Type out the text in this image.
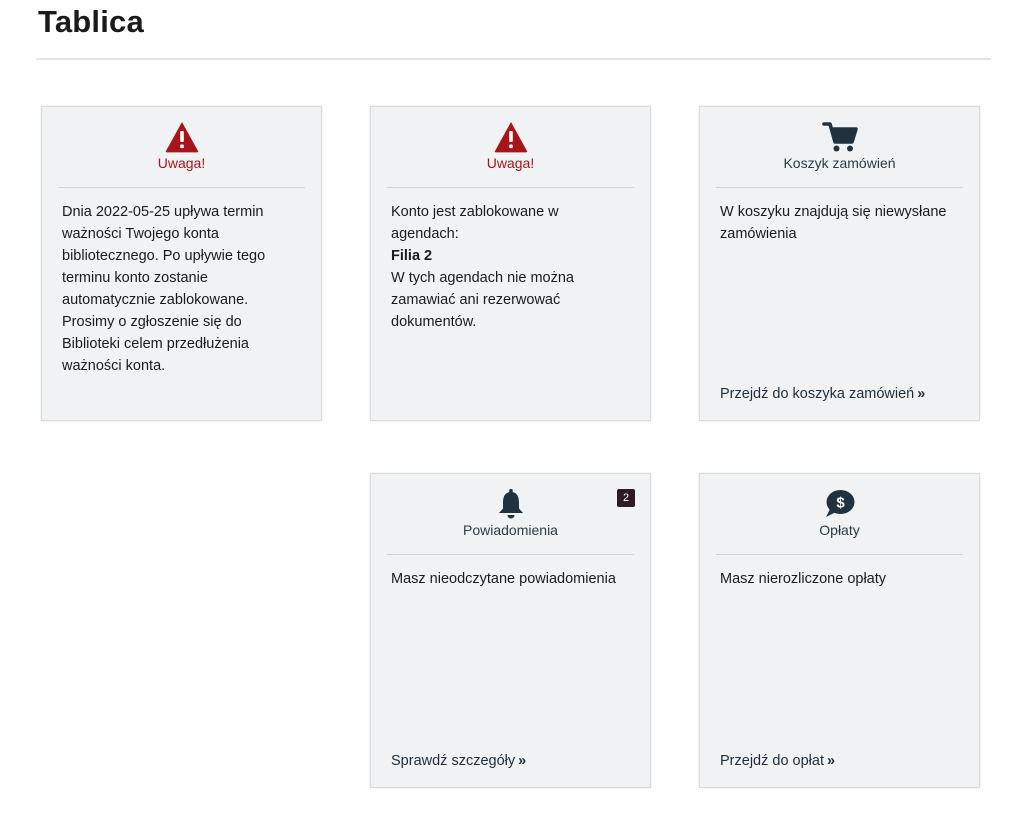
Tablica
Uwaga!

Dnia 2022-05-25 upływa termin

ważności Twojego konta

bibliotecznego. Po upływie tego

terminu konto zostanie

automatycznie zablokowane.

Prosimy o zgłoszenie się do

Biblioteki celem przedłużenia

ważności konta.

Uwaga!

Konto jest zablokowane w

agendach:

Filia 2

W tych agendach nie można

zamawiać ani rezerwować

dokumentów.

Koszyk zamówień

W koszyku znajdują się niewysłane

zamówienia

Przejdź do koszyka zamówień »
Powiadomienia
2

Masz nieodczytane powiadomienia

Sprawdź szczegóły »
$
Opłaty

Masz nierozliczone opłaty

Przejdź do opłat »
